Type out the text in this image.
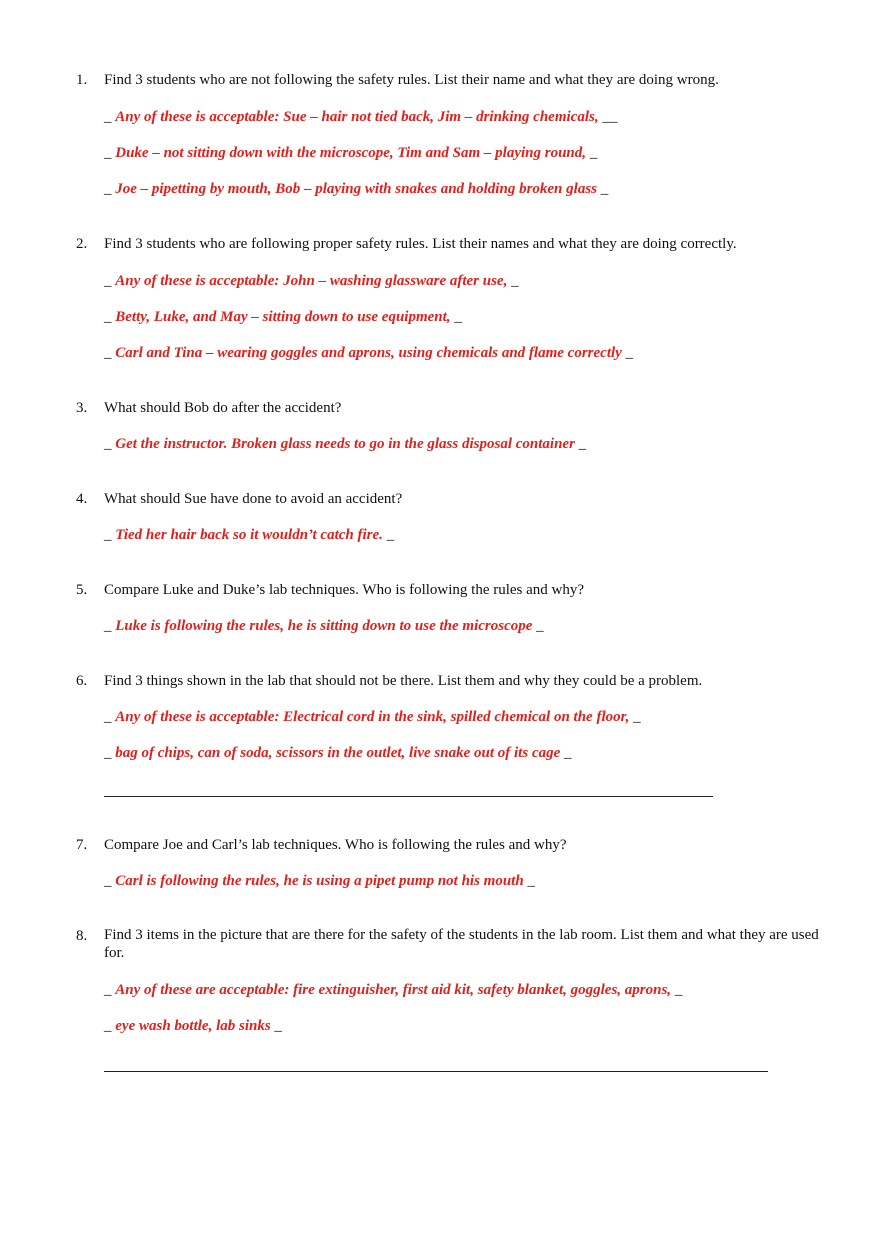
1. Find 3 students who are not following the safety rules. List their name and what they are doing wrong.
_ Any of these is acceptable: Sue – hair not tied back, Jim – drinking chemicals, __
_ Duke – not sitting down with the microscope, Tim and Sam – playing round, _
_ Joe – pipetting by mouth, Bob – playing with snakes and holding broken glass _
2. Find 3 students who are following proper safety rules. List their names and what they are doing correctly.
_ Any of these is acceptable: John – washing glassware after use, _
_ Betty, Luke, and May – sitting down to use equipment, _
_ Carl and Tina – wearing goggles and aprons, using chemicals and flame correctly _
3. What should Bob do after the accident?
_ Get the instructor. Broken glass needs to go in the glass disposal container _
4. What should Sue have done to avoid an accident?
_ Tied her hair back so it wouldn’t catch fire. _
5. Compare Luke and Duke’s lab techniques. Who is following the rules and why?
_ Luke is following the rules, he is sitting down to use the microscope _
6. Find 3 things shown in the lab that should not be there. List them and why they could be a problem.
_ Any of these is acceptable: Electrical cord in the sink, spilled chemical on the floor, _
_ bag of chips, can of soda, scissors in the outlet, live snake out of its cage _
7. Compare Joe and Carl’s lab techniques. Who is following the rules and why?
_ Carl is following the rules, he is using a pipet pump not his mouth _
8. Find 3 items in the picture that are there for the safety of the students in the lab room. List them and what they are used for.
_ Any of these are acceptable: fire extinguisher, first aid kit, safety blanket, goggles, aprons, _
_ eye wash bottle, lab sinks _
